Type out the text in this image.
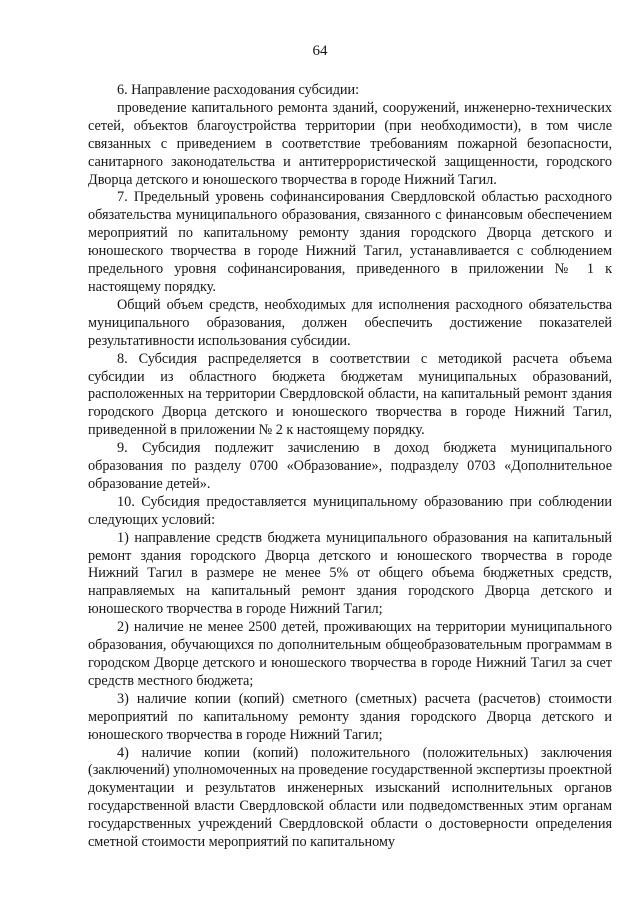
64

6. Направление расходования субсидии:

проведение капитального ремонта зданий, сооружений, инженерно-технических сетей, объектов благоустройства территории (при необходимости), в том числе связанных с приведением в соответствие требованиям пожарной безопасности, санитарного законодательства и антитеррористической защищенности, городского Дворца детского и юношеского творчества в городе Нижний Тагил.

7. Предельный уровень софинансирования Свердловской областью расходного обязательства муниципального образования, связанного с финансовым обеспечением мероприятий по капитальному ремонту здания городского Дворца детского и юношеского творчества в городе Нижний Тагил, устанавливается с соблюдением предельного уровня софинансирования, приведенного в приложении № 1 к настоящему порядку.

Общий объем средств, необходимых для исполнения расходного обязательства муниципального образования, должен обеспечить достижение показателей результативности использования субсидии.

8. Субсидия распределяется в соответствии с методикой расчета объема субсидии из областного бюджета бюджетам муниципальных образований, расположенных на территории Свердловской области, на капитальный ремонт здания городского Дворца детского и юношеского творчества в городе Нижний Тагил, приведенной в приложении № 2 к настоящему порядку.

9. Субсидия подлежит зачислению в доход бюджета муниципального образования по разделу 0700 «Образование», подразделу 0703 «Дополнительное образование детей».

10. Субсидия предоставляется муниципальному образованию при соблюдении следующих условий:

1) направление средств бюджета муниципального образования на капитальный ремонт здания городского Дворца детского и юношеского творчества в городе Нижний Тагил в размере не менее 5% от общего объема бюджетных средств, направляемых на капитальный ремонт здания городского Дворца детского и юношеского творчества в городе Нижний Тагил;

2) наличие не менее 2500 детей, проживающих на территории муниципального образования, обучающихся по дополнительным общеобразовательным программам в городском Дворце детского и юношеского творчества в городе Нижний Тагил за счет средств местного бюджета;

3) наличие копии (копий) сметного (сметных) расчета (расчетов) стоимости мероприятий по капитальному ремонту здания городского Дворца детского и юношеского творчества в городе Нижний Тагил;

4) наличие копии (копий) положительного (положительных) заключения (заключений) уполномоченных на проведение государственной экспертизы проектной документации и результатов инженерных изысканий исполнительных органов государственной власти Свердловской области или подведомственных этим органам государственных учреждений Свердловской области о достоверности определения сметной стоимости мероприятий по капитальному
